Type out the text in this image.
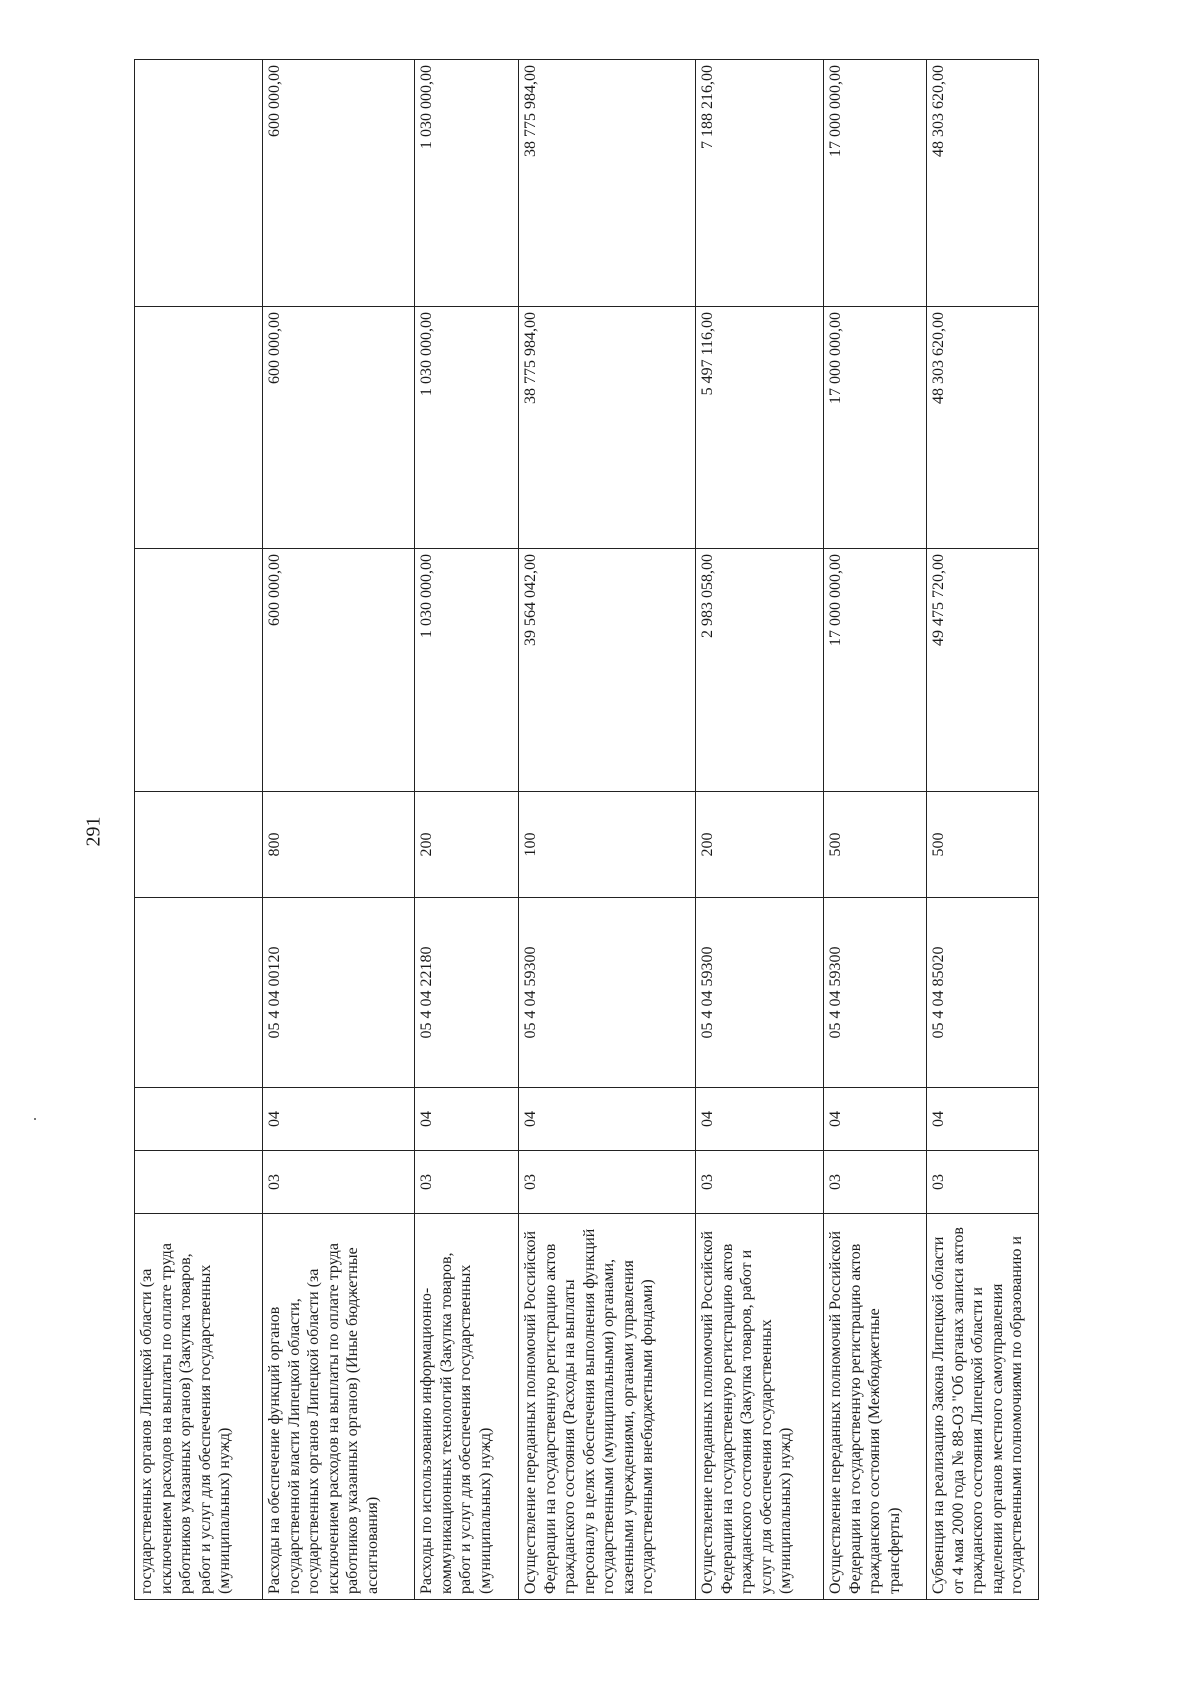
291
государственных органов Липецкой области (за исключением расходов на выплаты по оплате труда работников указанных органов) (Закупка товаров, работ и услуг для обеспечения государственных (муниципальных) нужд)							
Расходы на обеспечение функций органов государственной власти Липецкой области, государственных органов Липецкой области (за исключением расходов на выплаты по оплате труда работников указанных органов) (Иные бюджетные ассигнования)	03	04	05 4 04 00120	800	600 000,00	600 000,00	600 000,00
Расходы по использованию информационно-коммуникационных технологий (Закупка товаров, работ и услуг для обеспечения государственных (муниципальных) нужд)	03	04	05 4 04 22180	200	1 030 000,00	1 030 000,00	1 030 000,00
Осуществление переданных полномочий Российской Федерации на государственную регистрацию актов гражданского состояния (Расходы на выплаты персоналу в целях обеспечения выполнения функций государственными (муниципальными) органами, казенными учреждениями, органами управления государственными внебюджетными фондами)	03	04	05 4 04 59300	100	39 564 042,00	38 775 984,00	38 775 984,00
Осуществление переданных полномочий Российской Федерации на государственную регистрацию актов гражданского состояния (Закупка товаров, работ и услуг для обеспечения государственных (муниципальных) нужд)	03	04	05 4 04 59300	200	2 983 058,00	5 497 116,00	7 188 216,00
Осуществление переданных полномочий Российской Федерации на государственную регистрацию актов гражданского состояния (Межбюджетные трансферты)	03	04	05 4 04 59300	500	17 000 000,00	17 000 000,00	17 000 000,00
Субвенция на реализацию Закона Липецкой области от 4 мая 2000 года № 88-ОЗ "Об органах записи актов гражданского состояния Липецкой области и наделении органов местного самоуправления государственными полномочиями по образованию и	03	04	05 4 04 85020	500	49 475 720,00	48 303 620,00	48 303 620,00
